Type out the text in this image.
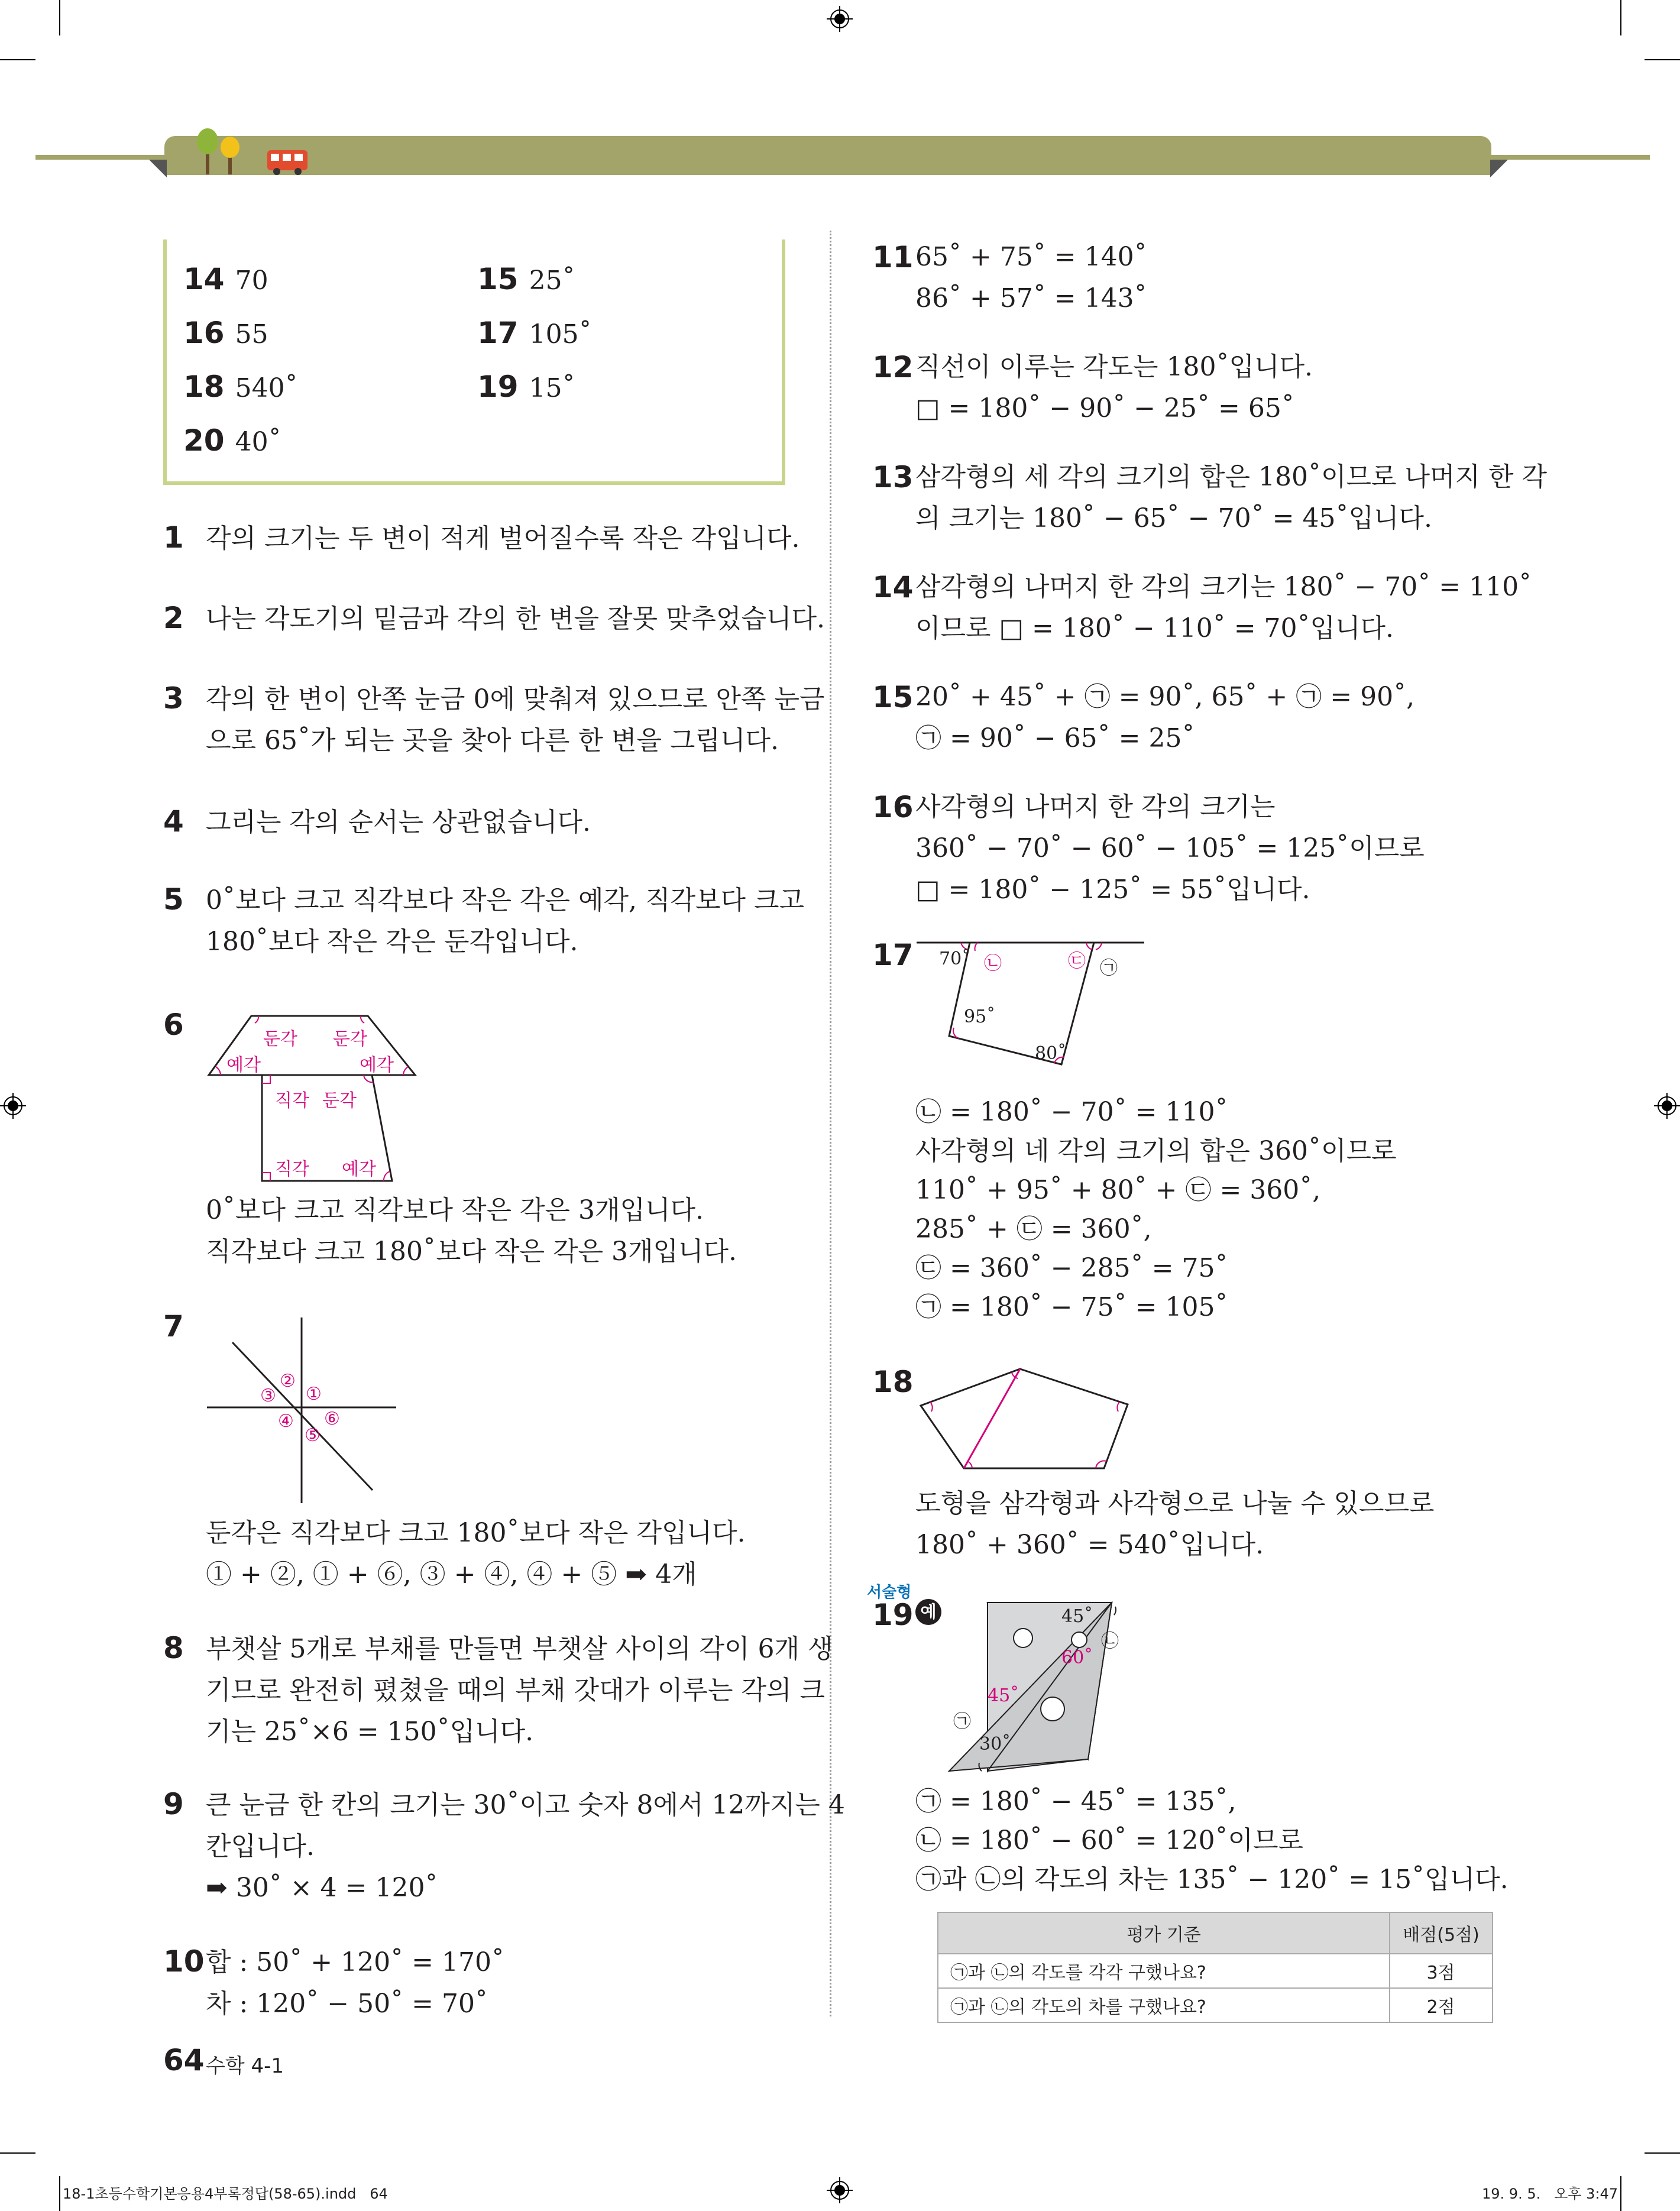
14 70	15 25˚
16 55	17 105˚
18 540˚	19 15˚
20 40˚
1 각의 크기는 두 변이 적게 벌어질수록 작은 각입니다.
2 나는 각도기의 밑금과 각의 한 변을 잘못 맞추었습니다.
3 각의 한 변이 안쪽 눈금 0에 맞춰져 있으므로 안쪽 눈금
으로 65˚가 되는 곳을 찾아 다른 한 변을 그립니다.
4 그리는 각의 순서는 상관없습니다.
5 0˚보다 크고 직각보다 작은 각은 예각, 직각보다 크고
180˚보다 작은 각은 둔각입니다.
6	둔각 둔각
예각	예각
직각 둔각
직각 예각
0˚보다 크고 직각보다 작은 각은 3개입니다.
직각보다 크고 180˚보다 작은 각은 3개입니다.
7
②
①
③
④ ⑥
⑤
둔각은 직각보다 크고 180˚보다 작은 각입니다.
① + ②, ① + ⑥, ③ + ④, ④ + ⑤ ➡ 4개
8 부챗살 5개로 부채를 만들면 부챗살 사이의 각이 6개 생
기므로 완전히 폈쳤을 때의 부채 갓대가 이루는 각의 크
기는 25˚×6 = 150˚입니다.
9 큰 눈금 한 칸의 크기는 30˚이고 숫자 8에서 12까지는 4
칸입니다.
➡ 30˚ × 4 = 120˚
10 합 : 50˚ + 120˚ = 170˚
차 : 120˚ − 50˚ = 70˚
11 65˚ + 75˚ = 140˚
86˚ + 57˚ = 143˚
12 직선이 이루는 각도는 180˚입니다.
□ = 180˚ − 90˚ − 25˚ = 65˚
13 삼각형의 세 각의 크기의 합은 180˚이므로 나머지 한 각
의 크기는 180˚ − 65˚ − 70˚ = 45˚입니다.
14 삼각형의 나머지 한 각의 크기는 180˚ − 70˚ = 110˚
이므로 □ = 180˚ − 110˚ = 70˚입니다.
15 20˚ + 45˚ + ㉠ = 90˚, 65˚ + ㉠ = 90˚,
㉠ = 90˚ − 65˚ = 25˚
16 사각형의 나머지 한 각의 크기는
360˚ − 70˚ − 60˚ − 105˚ = 125˚이므로
□ = 180˚ − 125˚ = 55˚입니다.
17 70˚ ㉡	㉢ ㉠
95˚
80˚
㉡ = 180˚ − 70˚ = 110˚
사각형의 네 각의 크기의 합은 360˚이므로
110˚ + 95˚ + 80˚ + ㉢ = 360˚,
285˚ + ㉢ = 360˚,
㉢ = 360˚ − 285˚ = 75˚
㉠ = 180˚ − 75˚ = 105˚
18
도형을 삼각형과 사각형으로 나눌 수 있으므로
180˚ + 360˚ = 540˚입니다.
서술형
19 예	45˚
㉡
60˚
45˚
㉠
30˚
㉠ = 180˚ − 45˚ = 135˚,
㉡ = 180˚ − 60˚ = 120˚이므로
㉠과 ㉡의 각도의 차는 135˚ − 120˚ = 15˚입니다.
평가 기준	배점(5점)
㉠과 ㉡의 각도를 각각 구했나요?	3점
㉠과 ㉡의 각도의 차를 구했나요?	2점
64 수학 4-1
18-1초등수학기본응용4부록정답(58-65).indd   64	19. 9. 5.   오후 3:47
